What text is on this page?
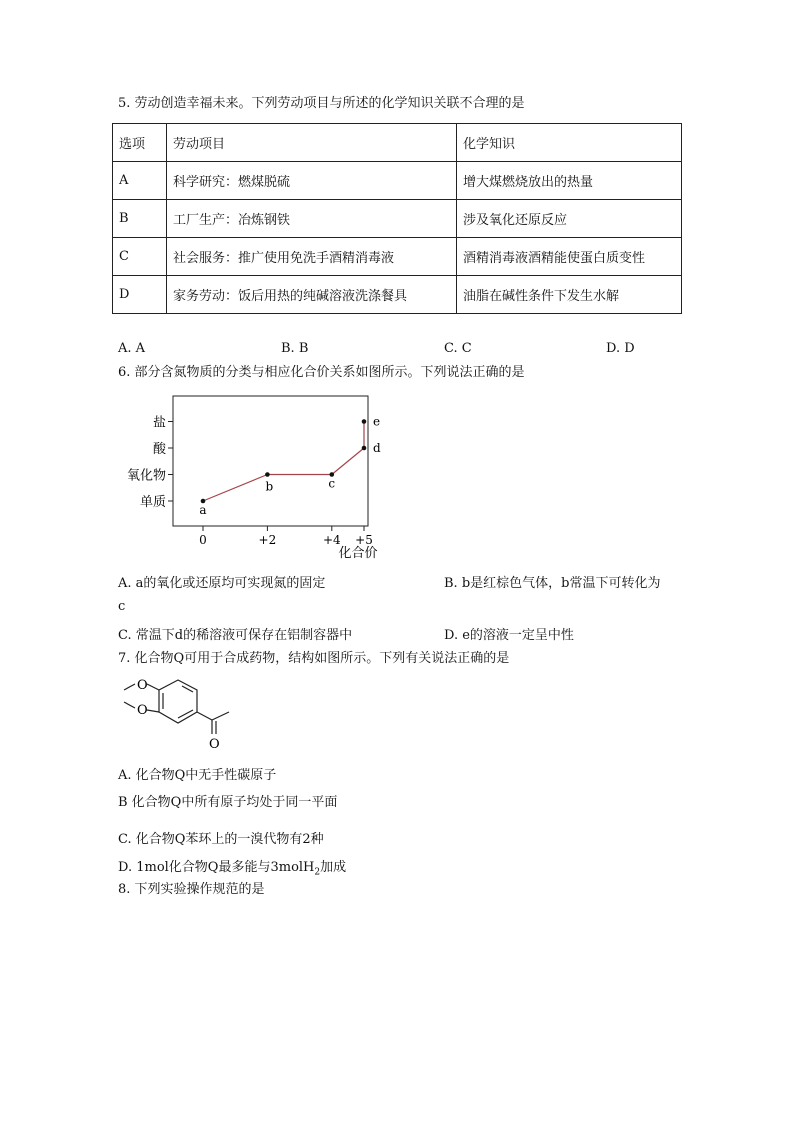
5. 劳动创造幸福未来。下列劳动项目与所述的化学知识关联不合理的是
选项	劳动项目	化学知识
A	科学研究：燃煤脱硫	增大煤燃烧放出的热量
B	工厂生产：冶炼钢铁	涉及氧化还原反应
C	社会服务：推广使用免洗手酒精消毒液	酒精消毒液酒精能使蛋白质变性
D	家务劳动：饭后用热的纯碱溶液洗涤餐具	油脂在碱性条件下发生水解
A. A	B. B	C. C	D. D
6. 部分含氮物质的分类与相应化合价关系如图所示。下列说法正确的是
0	+2	+4 +5
单质
氧化物
酸
盐
a
b	c
d
e
化合价
A. a的氧化或还原均可实现氮的固定	B. b是红棕色气体，b常温下可转化为
c
C. 常温下d的稀溶液可保存在铝制容器中	D. e的溶液一定呈中性
7. 化合物Q可用于合成药物，结构如图所示。下列有关说法正确的是
O
O
O
A. 化合物Q中无手性碳原子
B 化合物Q中所有原子均处于同一平面
C. 化合物Q苯环上的一溴代物有2种
D. 1mol化合物Q最多能与3molH$_2$加成
8. 下列实验操作规范的是
